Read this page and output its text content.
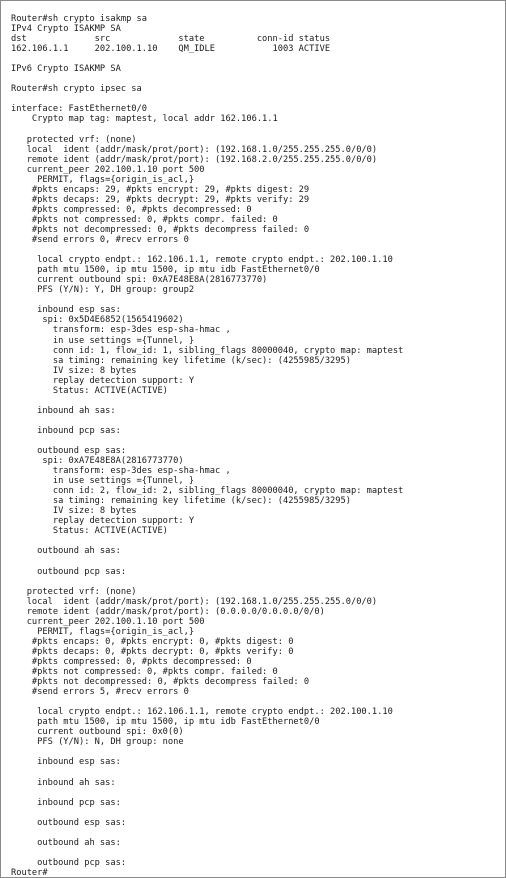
Router#sh crypto isakmp sa
IPv4 Crypto ISAKMP SA
dst             src             state          conn-id status
162.106.1.1     202.100.1.10    QM_IDLE           1003 ACTIVE
IPv6 Crypto ISAKMP SA
Router#sh crypto ipsec sa
interface: FastEthernet0/0
Crypto map tag: maptest, local addr 162.106.1.1
protected vrf: (none)
local  ident (addr/mask/prot/port): (192.168.1.0/255.255.255.0/0/0)
remote ident (addr/mask/prot/port): (192.168.2.0/255.255.255.0/0/0)
current_peer 202.100.1.10 port 500
PERMIT, flags={origin_is_acl,}
#pkts encaps: 29, #pkts encrypt: 29, #pkts digest: 29
#pkts decaps: 29, #pkts decrypt: 29, #pkts verify: 29
#pkts compressed: 0, #pkts decompressed: 0
#pkts not compressed: 0, #pkts compr. failed: 0
#pkts not decompressed: 0, #pkts decompress failed: 0
#send errors 0, #recv errors 0
local crypto endpt.: 162.106.1.1, remote crypto endpt.: 202.100.1.10
path mtu 1500, ip mtu 1500, ip mtu idb FastEthernet0/0
current outbound spi: 0xA7E48E8A(2816773770)
PFS (Y/N): Y, DH group: group2
inbound esp sas:
spi: 0x5D4E6852(1565419602)
transform: esp-3des esp-sha-hmac ,
in use settings ={Tunnel, }
conn id: 1, flow_id: 1, sibling_flags 80000040, crypto map: maptest
sa timing: remaining key lifetime (k/sec): (4255985/3295)
IV size: 8 bytes
replay detection support: Y
Status: ACTIVE(ACTIVE)
inbound ah sas:
inbound pcp sas:
outbound esp sas:
spi: 0xA7E48E8A(2816773770)
transform: esp-3des esp-sha-hmac ,
in use settings ={Tunnel, }
conn id: 2, flow_id: 2, sibling_flags 80000040, crypto map: maptest
sa timing: remaining key lifetime (k/sec): (4255985/3295)
IV size: 8 bytes
replay detection support: Y
Status: ACTIVE(ACTIVE)
outbound ah sas:
outbound pcp sas:
protected vrf: (none)
local  ident (addr/mask/prot/port): (192.168.1.0/255.255.255.0/0/0)
remote ident (addr/mask/prot/port): (0.0.0.0/0.0.0.0/0/0)
current_peer 202.100.1.10 port 500
PERMIT, flags={origin_is_acl,}
#pkts encaps: 0, #pkts encrypt: 0, #pkts digest: 0
#pkts decaps: 0, #pkts decrypt: 0, #pkts verify: 0
#pkts compressed: 0, #pkts decompressed: 0
#pkts not compressed: 0, #pkts compr. failed: 0
#pkts not decompressed: 0, #pkts decompress failed: 0
#send errors 5, #recv errors 0
local crypto endpt.: 162.106.1.1, remote crypto endpt.: 202.100.1.10
path mtu 1500, ip mtu 1500, ip mtu idb FastEthernet0/0
current outbound spi: 0x0(0)
PFS (Y/N): N, DH group: none
inbound esp sas:
inbound ah sas:
inbound pcp sas:
outbound esp sas:
outbound ah sas:
outbound pcp sas:
Router#
